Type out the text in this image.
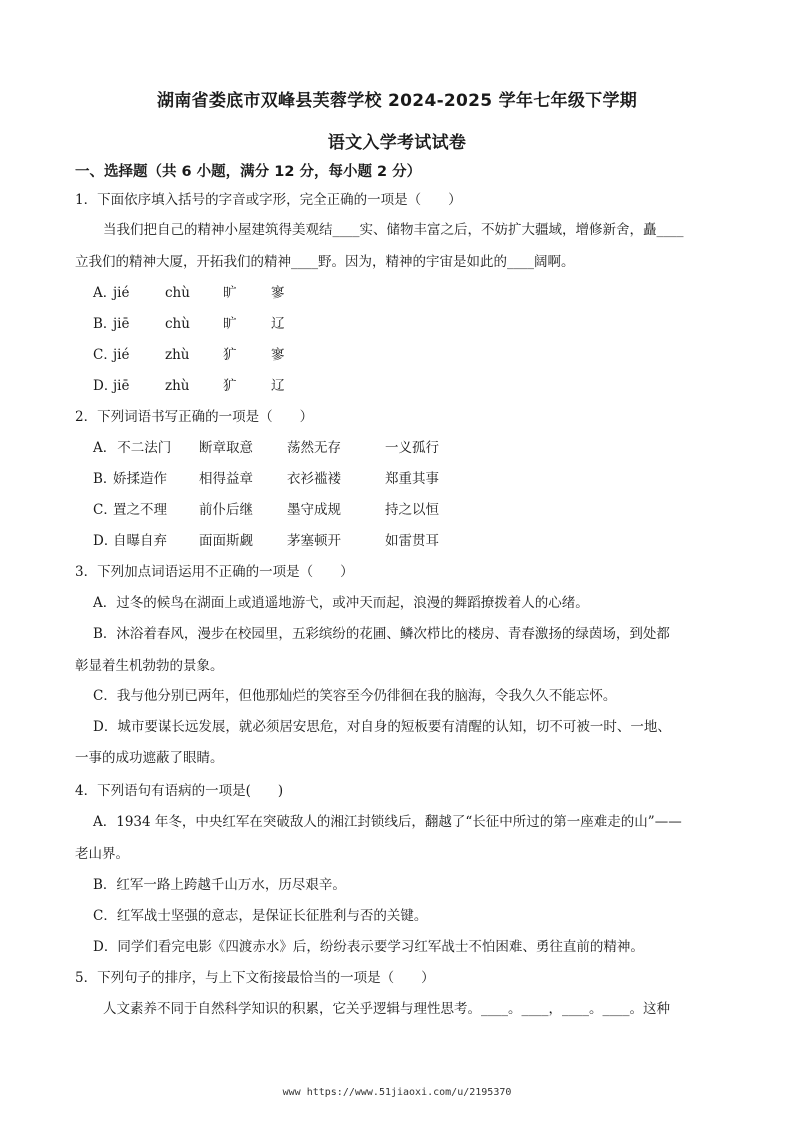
湖南省娄底市双峰县芙蓉学校 2024-2025 学年七年级下学期
语文入学考试试卷
一、选择题（共 6 小题，满分 12 分，每小题 2 分）
1．下面依序填入括号的字音或字形，完全正确的一项是（　　）
当我们把自己的精神小屋建筑得美观结____实、储物丰富之后，不妨扩大疆域，增修新舍，矗____
立我们的精神大厦，开拓我们的精神____野。因为，精神的宇宙是如此的____阔啊。
A．jié	chù 旷	寥
B．jiē	chù 旷	辽
C．jié	zhù 犷	寥
D．jiē	zhù 犷	辽
2．下列词语书写正确的一项是（　　）
A． 不二法门 断章取意	荡然无存	一义孤行
B．娇揉造作 相得益章	衣衫褴褛	郑重其事
C．置之不理 前仆后继	墨守成规	持之以恒
D．自曝自弃 面面斯觑	茅塞顿开	如雷贯耳
3．下列加点词语运用不正确的一项是（　　）
A．过冬的候鸟在湖面上或逍遥地游弋，或冲天而起，浪漫的舞蹈撩拨着人的心绪。
B．沐浴着春风，漫步在校园里，五彩缤纷的花圃、鳞次栉比的楼房、青春激扬的绿茵场，到处都
彰显着生机勃勃的景象。
C．我与他分别已两年，但他那灿烂的笑容至今仍徘徊在我的脑海，令我久久不能忘怀。
D．城市要谋长远发展，就必须居安思危，对自身的短板要有清醒的认知，切不可被一时、一地、
一事的成功遮蔽了眼睛。
4．下列语句有语病的一项是(　　)
A．1934 年冬，中央红军在突破敌人的湘江封锁线后，翻越了“长征中所过的第一座难走的山”——
老山界。
B．红军一路上跨越千山万水，历尽艰辛。
C．红军战士坚强的意志，是保证长征胜利与否的关键。
D．同学们看完电影《四渡赤水》后，纷纷表示要学习红军战士不怕困难、勇往直前的精神。
5．下列句子的排序，与上下文衔接最恰当的一项是（　　）
人文素养不同于自然科学知识的积累，它关乎逻辑与理性思考。____。____，____。____。这种
www https://www.51jiaoxi.com/u/2195370
